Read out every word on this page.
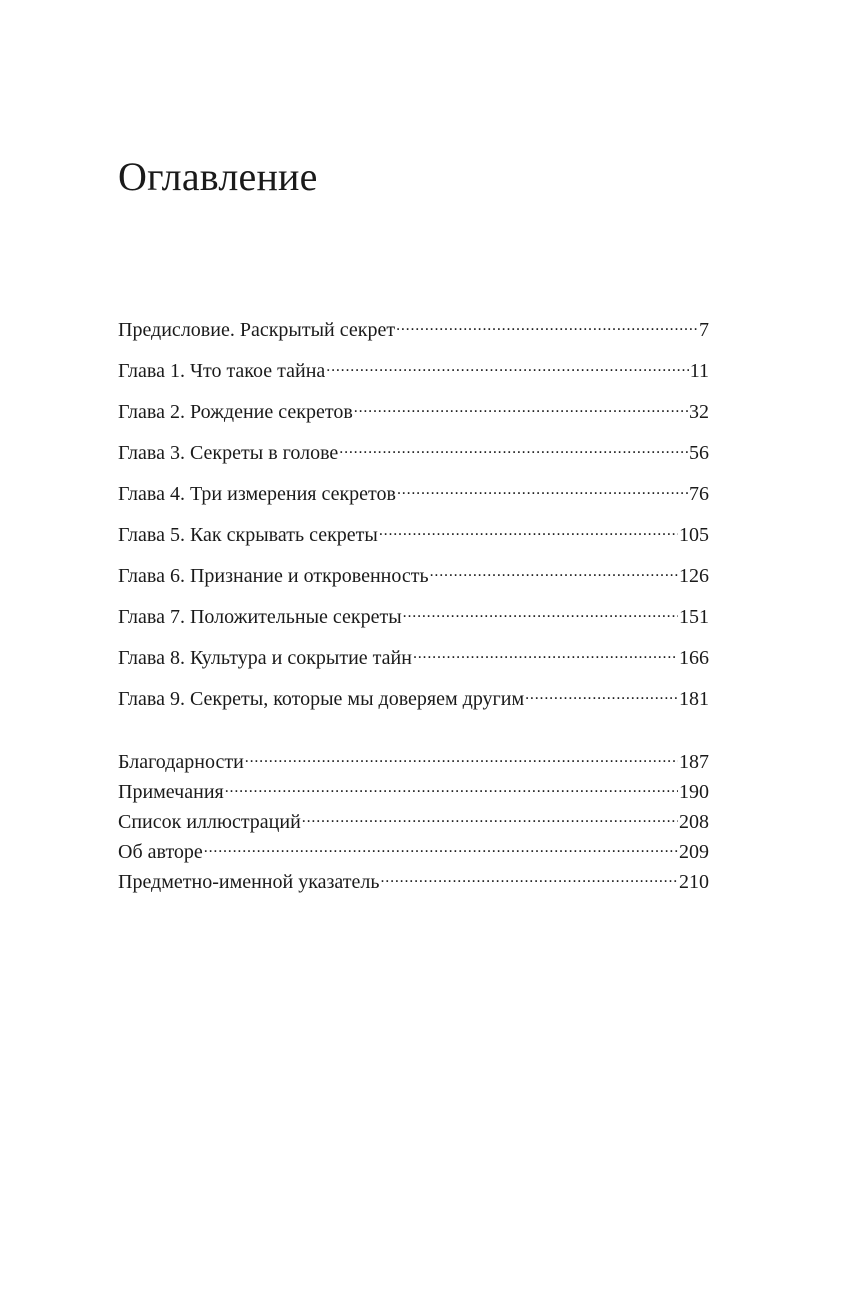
Оглавление
Предисловие. Раскрытый секрет .....	7
Глава 1. Что такое тайна .....	11
Глава 2. Рождение секретов .....	32
Глава 3. Секреты в голове .....	56
Глава 4. Три измерения секретов .....	76
Глава 5. Как скрывать секреты .....	105
Глава 6. Признание и откровенность .....	126
Глава 7. Положительные секреты .....	151
Глава 8. Культура и сокрытие тайн .....	166
Глава 9. Секреты, которые мы доверяем другим .....	181
Благодарности .....	187
Примечания .....	190
Список иллюстраций .....	208
Об авторе .....	209
Предметно-именной указатель .....	210
